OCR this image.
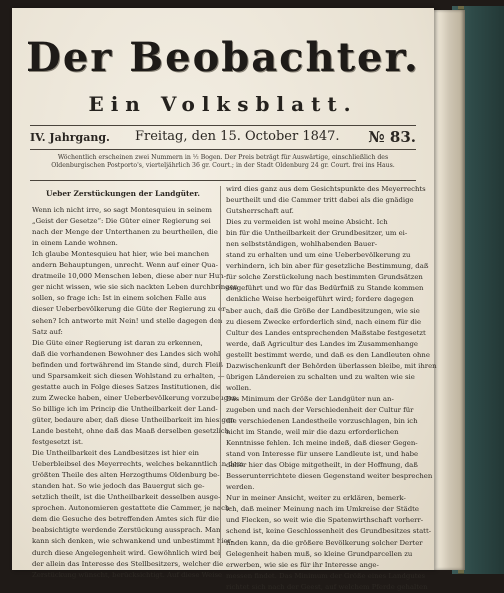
Der Beobachter.
Ein Volksblatt.
IV. Jahrgang. Freitag, den 15. October 1847. № 83.
Wöchentlich erscheinen zwei Nummern in ½ Bogen. Der Preis beträgt für Auswärtige, einschließlich des Oldenburgischen Postporto's, vierteljährlich 36 gr. Court.; in der Stadt Oldenburg 24 gr. Court. frei ins Haus.
Ueber Zerstückungen der Landgüter.
Wenn ich nicht irre, so sagt Montesquieu in seinem
„Geist der Gesetze“: Die Güter einer Regierung sei
nach der Menge der Unterthanen zu beurtheilen, die
in einem Lande wohnen.
Ich glaube Montesquieu hat hier, wie bei manchen
andern Behauptungen, unrecht. Wenn auf einer Qua-
dratmeile 10,000 Menschen leben, diese aber nur Hun-
ger nicht wissen, wie sie sich nackten Leben durchbringen
sollen, so frage ich: Ist in einem solchen Falle aus
dieser Ueberbevölkerung die Güte der Regierung zu er-
sehen? Ich antworte mit Nein! und stelle dagegen den
Satz auf:
Die Güte einer Regierung ist daran zu erkennen,
daß die vorhandenen Bewohner des Landes sich wohl
befinden und fortwährend im Stande sind, durch Fleiß
und Sparsamkeit sich diesen Wohlstand zu erhalten, —
gestatte auch in Folge dieses Satzes Institutionen, die
zum Zwecke haben, einer Ueberbevölkerung vorzubeugen.
So billige ich im Princip die Untheilbarkeit der Land-
güter, bedaure aber, daß diese Untheilbarkeit im hiesigen
Lande besteht, ohne daß das Maaß derselben gesetzlich
festgesetzt ist.
Die Untheilbarkeit des Landbesitzes ist hier ein
Ueberbleibsel des Meyerrechts, welches bekanntlich in dem
größten Theile des alten Herzogthums Oldenburg be-
standen hat. So wie jedoch das Bauergut sich ge-
setzlich theilt, ist die Untheilbarkeit desselben ausge-
sprochen. Autonomieren gestattete die Cammer, je nach-
dem die Gesuche des betreffenden Amtes sich für die
beabsichtigte werdende Zerstückung aussprach. Man
kann sich denken, wie schwankend und unbestimmt hier-
durch diese Angelegenheit wird. Gewöhnlich wird bei
der allein das Interesse des Stellbesitzers, welcher die
Zerstückung wünscht, berücksichtigt. Auf diese Weise
wird dies ganz aus dem Gesichtspunkte des Meyerrechts
beurtheilt und die Cammer tritt dabei als die gnädige
Gutsherrschaft auf.
Dies zu vermeiden ist wohl meine Absicht. Ich
bin für die Untheilbarkeit der Grundbesitzer, um ei-
nen selbstständigen, wohlhabenden Bauer-
stand zu erhalten und um eine Ueberbevölkerung zu
verhindern, ich bin aber für gesetzliche Bestimmung, daß
für solche Zerstückelung nach bestimmten Grundsätzen
eingeführt und wo für das Bedürfniß zu Stande kommen
denkliche Weise herbeigeführt wird; fordere dagegen
aber auch, daß die Größe der Landbesitzungen, wie sie
zu diesem Zwecke erforderlich sind, nach einem für die
Cultur des Landes entsprechenden Maßstabe festgesetzt
werde, daß Agricultur des Landes im Zusammenhange
gestellt bestimmt werde, und daß es den Landleuten ohne
Dazwischenkunft der Behörden überlassen bleibe, mit ihren
übrigen Ländereien zu schalten und zu walten wie sie
wollen.
Das Minimum der Größe der Landgüter nun an-
zugeben und nach der Verschiedenheit der Cultur für
die verschiedenen Landestheile vorzuschlagen, bin ich
nicht im Stande, weil mir die dazu erforderlichen
Kenntnisse fehlen. Ich meine indeß, daß dieser Gegen-
stand von Interesse für unsere Landleute ist, und habe
daher hier das Obige mitgetheilt, in der Hoffnung, daß
Besserunterrichtete diesen Gegenstand weiter besprechen
werden.
Nur in meiner Ansicht, weiter zu erklären, bemerk-
ich, daß meiner Meinung nach im Umkreise der Städte
und Flecken, so weit wie die Spatenwirthschaft vorherr-
schend ist, keine Geschlossenheit des Grundbesitzes statt-
finden kann, da die größere Bevölkerung solcher Derter
Gelegenheit haben muß, so kleine Grundparcellen zu
erwerben, wie sie es für ihr Interesse ange-
messen findet. Das Minimum der Größe eines Landgutes
richtet sich nach der Geest, auf welchem Pferde gehalten
